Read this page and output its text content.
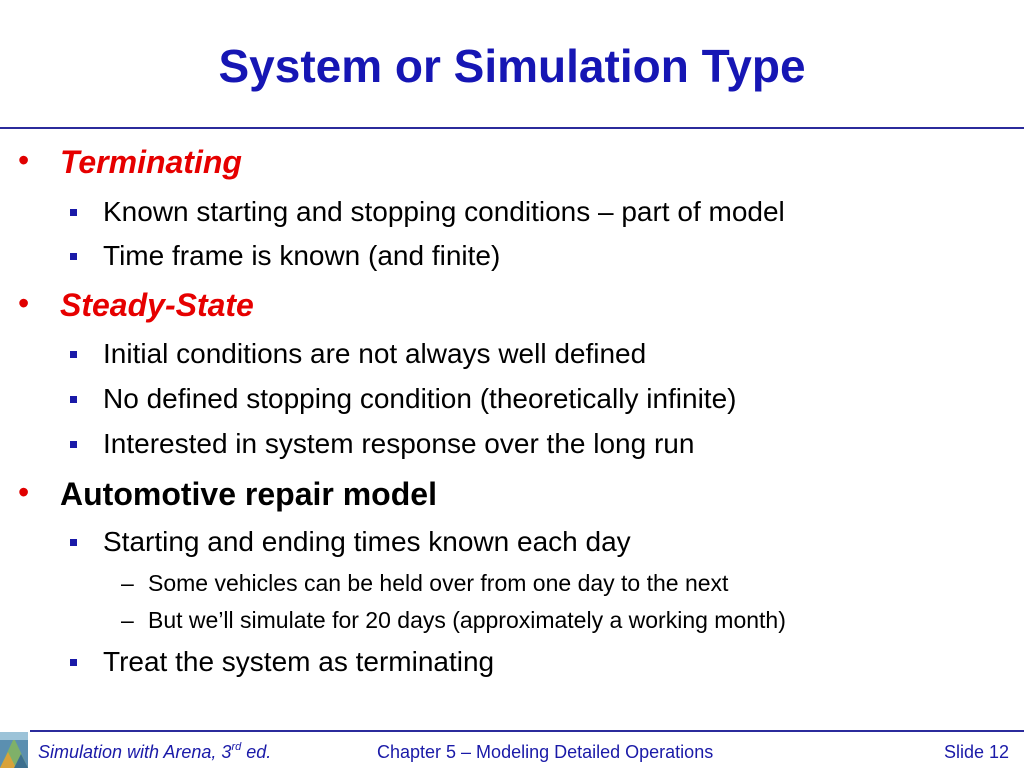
System or Simulation Type
• Terminating
Known starting and stopping conditions – part of model
Time frame is known (and finite)
• Steady-State
Initial conditions are not always well defined
No defined stopping condition (theoretically infinite)
Interested in system response over the long run
• Automotive repair model
Starting and ending times known each day
– Some vehicles can be held over from one day to the next
– But we’ll simulate for 20 days (approximately a working month)
Treat the system as terminating
Simulation with Arena, 3rd ed.	Chapter 5 – Modeling Detailed Operations	Slide 12
